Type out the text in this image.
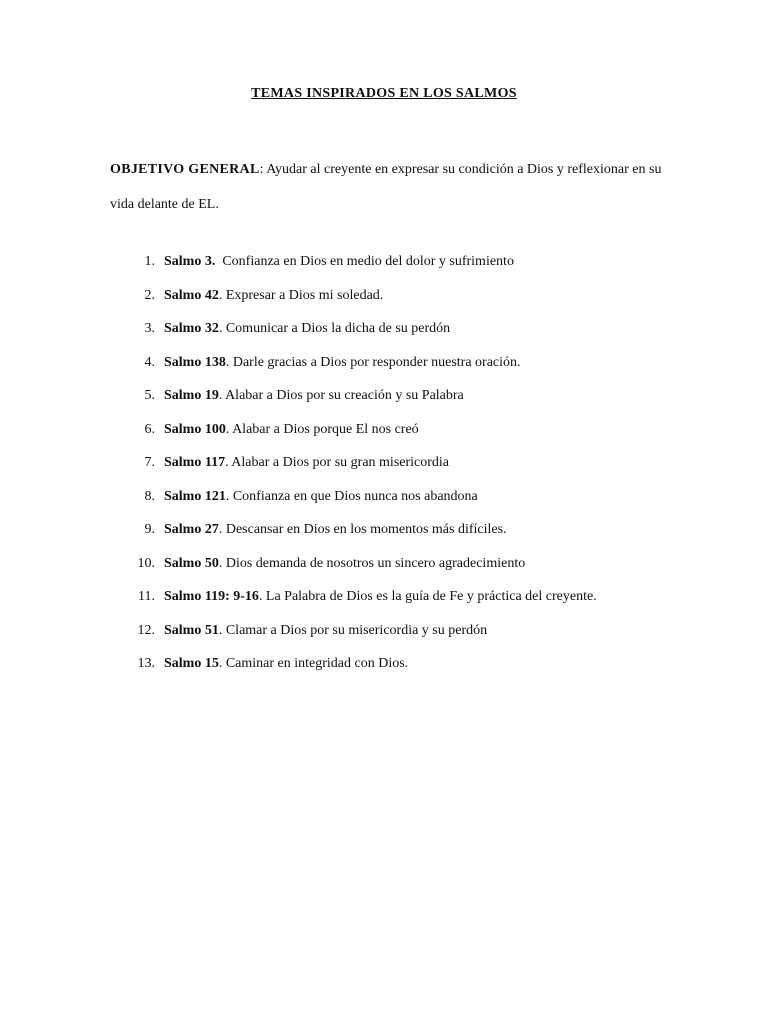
TEMAS INSPIRADOS EN LOS SALMOS

OBJETIVO GENERAL: Ayudar al creyente en expresar su condición a Dios y reflexionar en su vida delante de EL.

1. Salmo 3.  Confianza en Dios en medio del dolor y sufrimiento
2. Salmo 42. Expresar a Dios mi soledad.
3. Salmo 32. Comunicar a Dios la dicha de su perdón
4. Salmo 138. Darle gracias a Dios por responder nuestra oración.
5. Salmo 19. Alabar a Dios por su creación y su Palabra
6. Salmo 100. Alabar a Dios porque El nos creó
7. Salmo 117. Alabar a Dios por su gran misericordia
8. Salmo 121. Confianza en que Dios nunca nos abandona
9. Salmo 27. Descansar en Dios en los momentos más difíciles.
10. Salmo 50. Dios demanda de nosotros un sincero agradecimiento
11. Salmo 119: 9-16. La Palabra de Dios es la guía de Fe y práctica del creyente.
12. Salmo 51. Clamar a Dios por su misericordia y su perdón
13. Salmo 15. Caminar en integridad con Dios.
